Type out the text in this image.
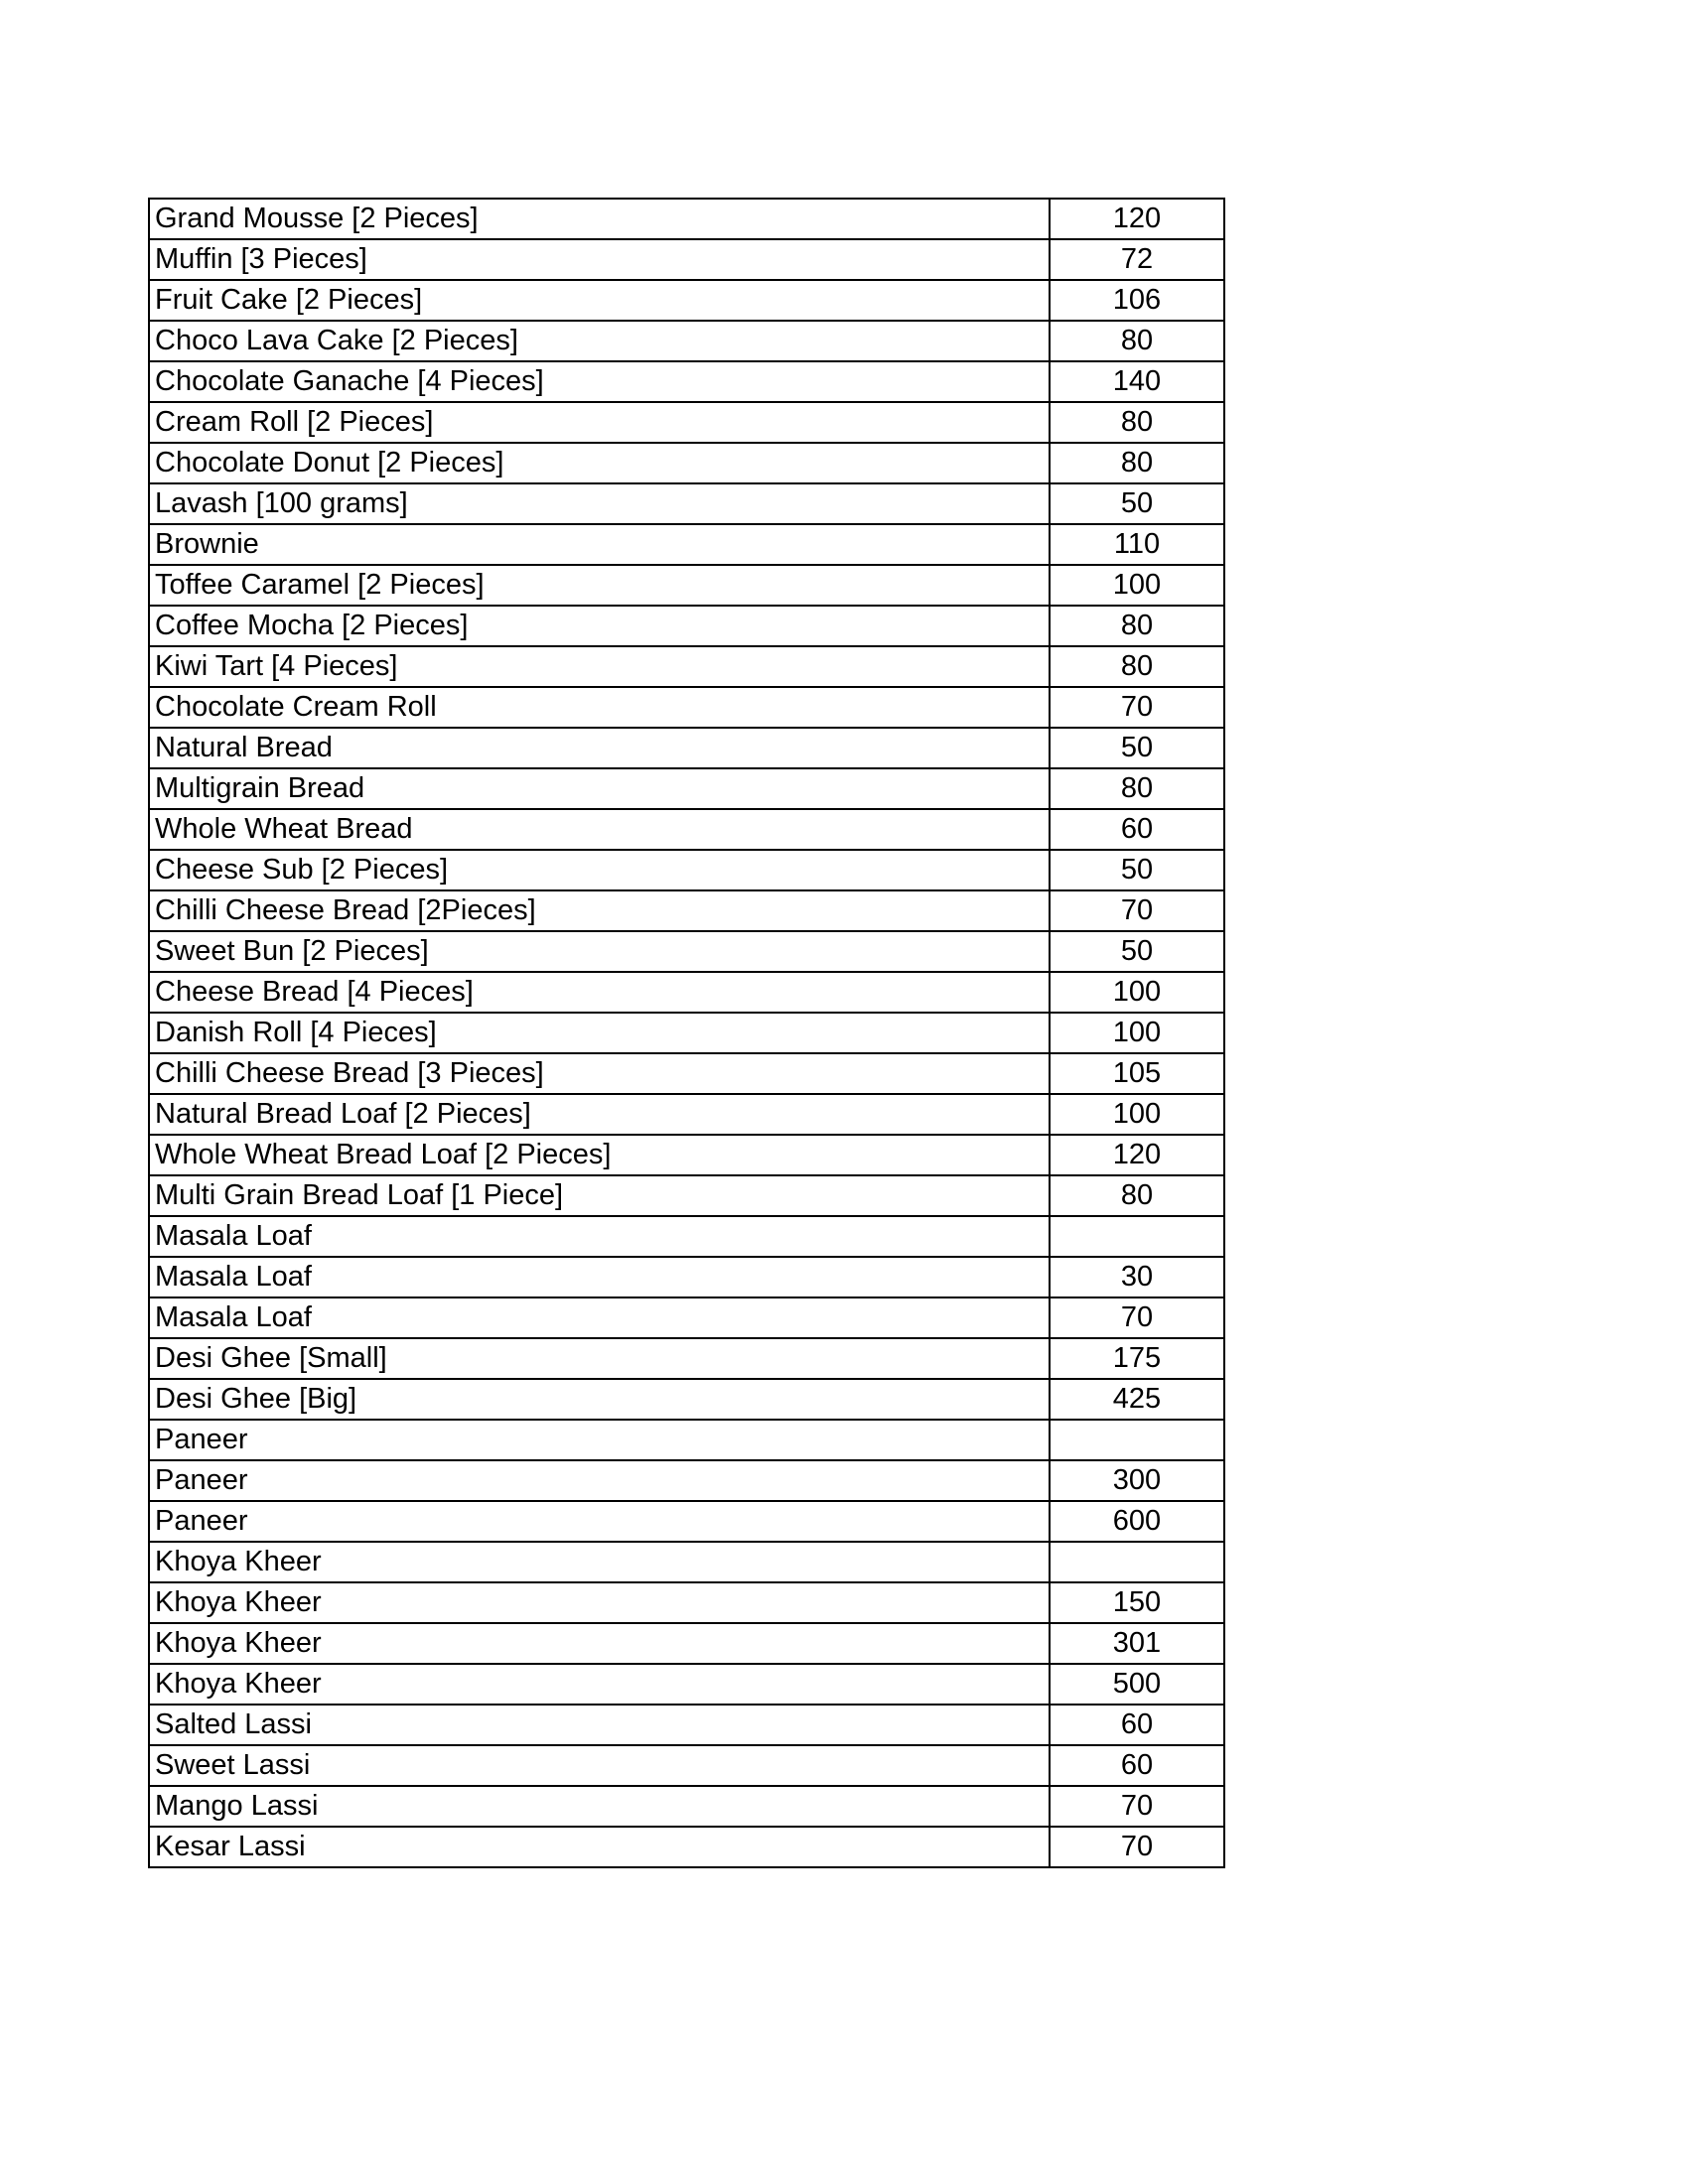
Grand Mousse [2 Pieces]	120
Muffin [3 Pieces]	72
Fruit Cake [2 Pieces]	106
Choco Lava Cake [2 Pieces]	80
Chocolate Ganache [4 Pieces]	140
Cream Roll [2 Pieces]	80
Chocolate Donut [2 Pieces]	80
Lavash [100 grams]	50
Brownie	110
Toffee Caramel [2 Pieces]	100
Coffee Mocha [2 Pieces]	80
Kiwi Tart [4 Pieces]	80
Chocolate Cream Roll	70
Natural Bread	50
Multigrain Bread	80
Whole Wheat Bread	60
Cheese Sub [2 Pieces]	50
Chilli Cheese Bread [2Pieces]	70
Sweet Bun [2 Pieces]	50
Cheese Bread [4 Pieces]	100
Danish Roll [4 Pieces]	100
Chilli Cheese Bread [3 Pieces]	105
Natural Bread Loaf [2 Pieces]	100
Whole Wheat Bread Loaf [2 Pieces]	120
Multi Grain Bread Loaf [1 Piece]	80
Masala Loaf	
Masala Loaf	30
Masala Loaf	70
Desi Ghee [Small]	175
Desi Ghee [Big]	425
Paneer	
Paneer	300
Paneer	600
Khoya Kheer	
Khoya Kheer	150
Khoya Kheer	301
Khoya Kheer	500
Salted Lassi	60
Sweet Lassi	60
Mango Lassi	70
Kesar Lassi	70
